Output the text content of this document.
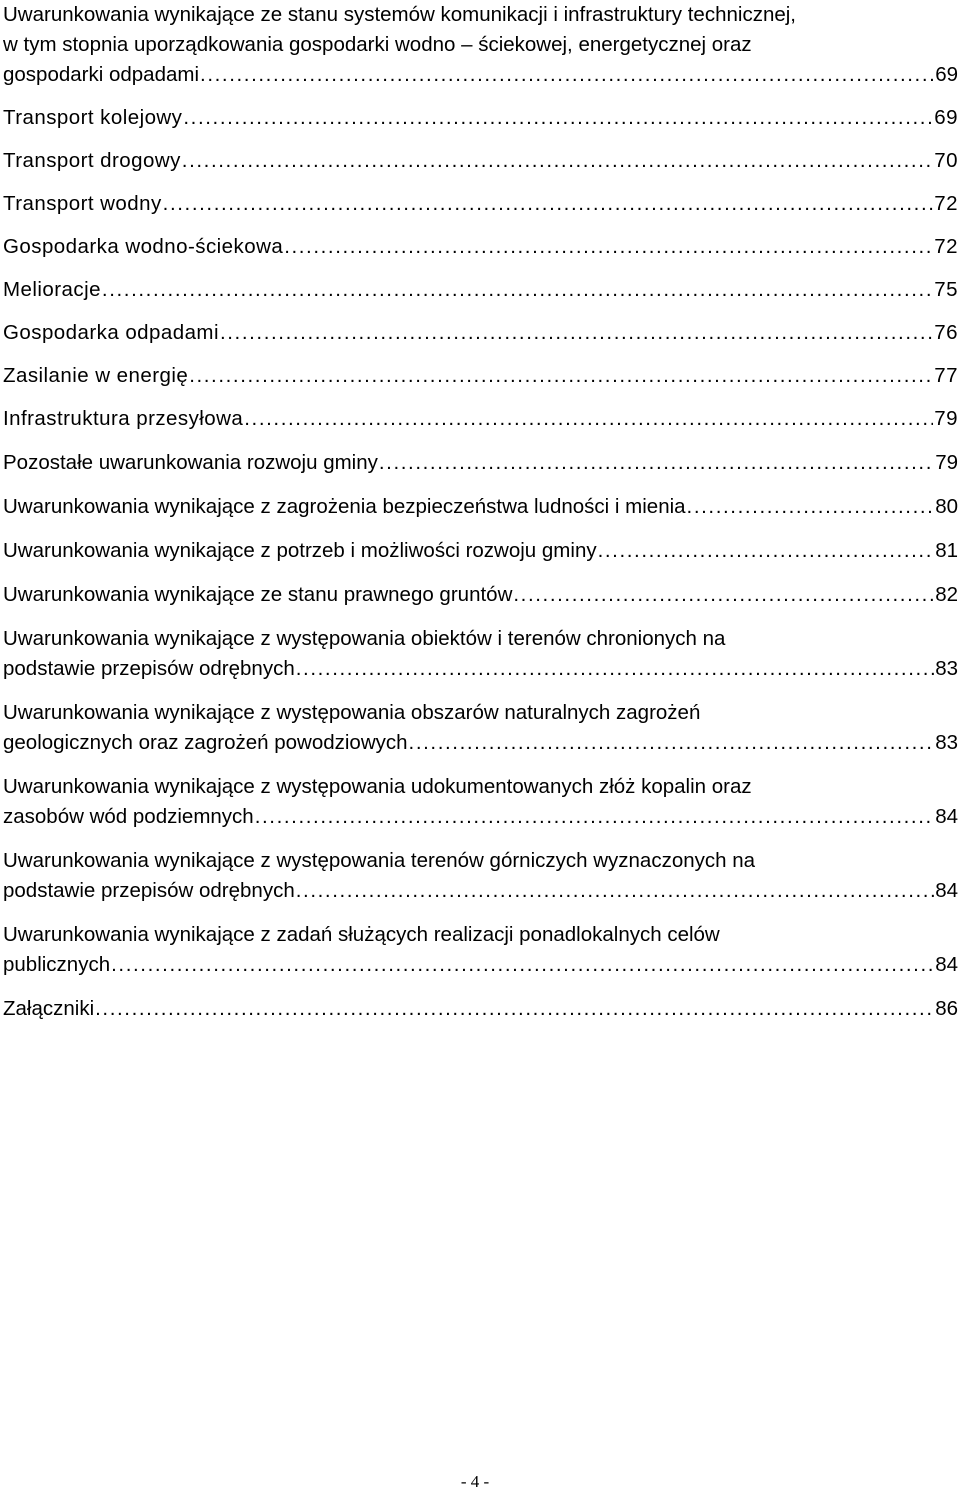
Uwarunkowania wynikające ze stanu systemów komunikacji i infrastruktury technicznej,
w tym stopnia uporządkowania gospodarki wodno – ściekowej, energetycznej oraz
gospodarki odpadami . . .	69
Transport kolejowy . . .	69
Transport drogowy . . .	70
Transport wodny . . .	72
Gospodarka wodno-ściekowa . . .	72
Melioracje . . .	75
Gospodarka odpadami . . .	76
Zasilanie w energię . . .	77
Infrastruktura przesyłowa . . .	79
Pozostałe uwarunkowania rozwoju gminy . . .	79
Uwarunkowania wynikające z zagrożenia bezpieczeństwa ludności i mienia . . .	80
Uwarunkowania wynikające z potrzeb i możliwości rozwoju gminy . . .	81
Uwarunkowania wynikające ze stanu prawnego gruntów . . .	82
Uwarunkowania wynikające z występowania obiektów i terenów chronionych na
podstawie przepisów odrębnych . . .	83
Uwarunkowania wynikające z występowania obszarów naturalnych zagrożeń
geologicznych oraz zagrożeń powodziowych . . .	83
Uwarunkowania wynikające z występowania udokumentowanych złóż kopalin oraz
zasobów wód podziemnych . . .	84
Uwarunkowania wynikające z występowania terenów górniczych wyznaczonych na
podstawie przepisów odrębnych . . .	84
Uwarunkowania wynikające z zadań służących realizacji ponadlokalnych celów
publicznych . . .	84
Załączniki . . .	86
- 4 -
